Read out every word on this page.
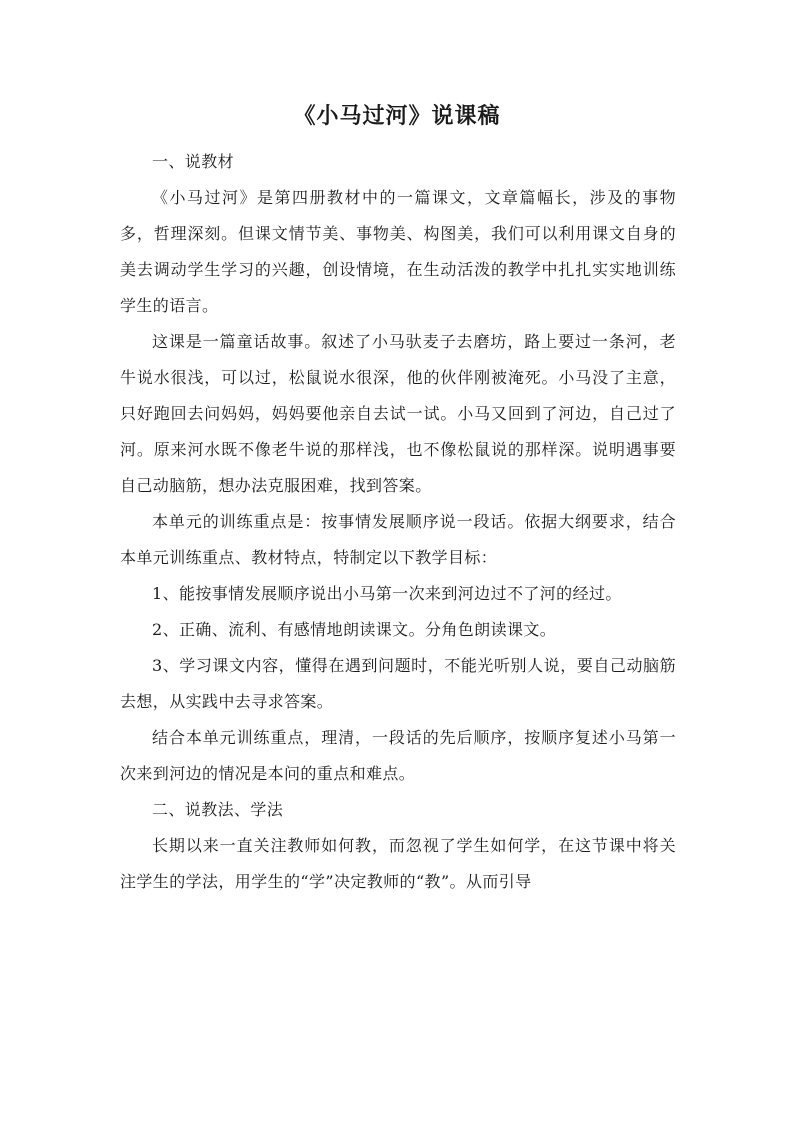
《小马过河》说课稿

一、说教材

《小马过河》是第四册教材中的一篇课文，文章篇幅长，涉及的事物多，哲理深刻。但课文情节美、事物美、构图美，我们可以利用课文自身的美去调动学生学习的兴趣，创设情境，在生动活泼的教学中扎扎实实地训练学生的语言。

这课是一篇童话故事。叙述了小马驮麦子去磨坊，路上要过一条河，老牛说水很浅，可以过，松鼠说水很深，他的伙伴刚被淹死。小马没了主意，只好跑回去问妈妈，妈妈要他亲自去试一试。小马又回到了河边，自己过了河。原来河水既不像老牛说的那样浅，也不像松鼠说的那样深。说明遇事要自己动脑筋，想办法克服困难，找到答案。

本单元的训练重点是：按事情发展顺序说一段话。依据大纲要求，结合本单元训练重点、教材特点，特制定以下教学目标：

1、能按事情发展顺序说出小马第一次来到河边过不了河的经过。

2、正确、流利、有感情地朗读课文。分角色朗读课文。

3、学习课文内容，懂得在遇到问题时，不能光听别人说，要自己动脑筋去想，从实践中去寻求答案。

结合本单元训练重点，理清，一段话的先后顺序，按顺序复述小马第一次来到河边的情况是本问的重点和难点。

二、说教法、学法

长期以来一直关注教师如何教，而忽视了学生如何学，在这节课中将关注学生的学法，用学生的“学”决定教师的“教”。从而引导
